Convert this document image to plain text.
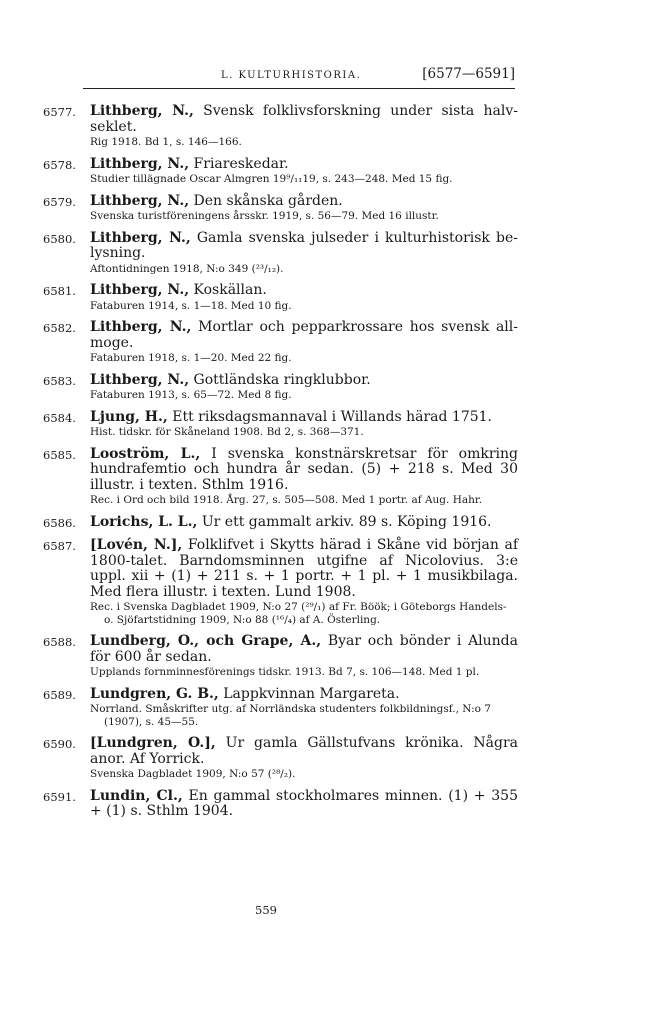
L. KULTURHISTORIA.	[6577—6591]
6577.	Lithberg, N., Svensk folklivsforskning under sista halv-seklet.

Rig 1918. Bd 1, s. 146—166.

6578.	Lithberg, N., Friareskedar.

Studier tillägnade Oscar Almgren 19⁹/₁₁19, s. 243—248. Med 15 fig.

6579.	Lithberg, N., Den skånska gården.

Svenska turistföreningens årsskr. 1919, s. 56—79. Med 16 illustr.

6580.	Lithberg, N., Gamla svenska julseder i kulturhistorisk be-lysning.

Aftontidningen 1918, N:o 349 (²³/₁₂).

6581.	Lithberg, N., Koskällan.

Fataburen 1914, s. 1—18. Med 10 fig.

6582.	Lithberg, N., Mortlar och pepparkrossare hos svensk all-moge.

Fataburen 1918, s. 1—20. Med 22 fig.

6583.	Lithberg, N., Gottländska ringklubbor.

Fataburen 1913, s. 65—72. Med 8 fig.

6584.	Ljung, H., Ett riksdagsmannaval i Willands härad 1751.

Hist. tidskr. för Skåneland 1908. Bd 2, s. 368—371.

6585.	Looström, L., I svenska konstnärskretsar för omkring hundrafemtio och hundra år sedan. (5) + 218 s. Med 30 illustr. i texten. Sthlm 1916.

Rec. i Ord och bild 1918. Årg. 27, s. 505—508. Med 1 portr. af Aug. Hahr.

6586.	Lorichs, L. L., Ur ett gammalt arkiv. 89 s. Köping 1916.

6587.	[Lovén, N.], Folklifvet i Skytts härad i Skåne vid början af 1800-talet. Barndomsminnen utgifne af Nicolovius. 3:e uppl. xii + (1) + 211 s. + 1 portr. + 1 pl. + 1 musikbilaga. Med flera illustr. i texten. Lund 1908.

Rec. i Svenska Dagbladet 1909, N:o 27 (²⁹/₁) af Fr. Böök; i Göteborgs Handels- o. Sjöfartstidning 1909, N:o 88 (¹⁶/₄) af A. Österling.

6588.	Lundberg, O., och Grape, A., Byar och bönder i Alunda för 600 år sedan.

Upplands fornminnesförenings tidskr. 1913. Bd 7, s. 106—148. Med 1 pl.

6589.	Lundgren, G. B., Lappkvinnan Margareta.

Norrland. Småskrifter utg. af Norrländska studenters folkbildningsf., N:o 7 (1907), s. 45—55.

6590.	[Lundgren, O.], Ur gamla Gällstufvans krönika. Några anor. Af Yorrick.

Svenska Dagbladet 1909, N:o 57 (²⁸/₂).

6591.	Lundin, Cl., En gammal stockholmares minnen. (1) + 355 + (1) s. Sthlm 1904.

559
